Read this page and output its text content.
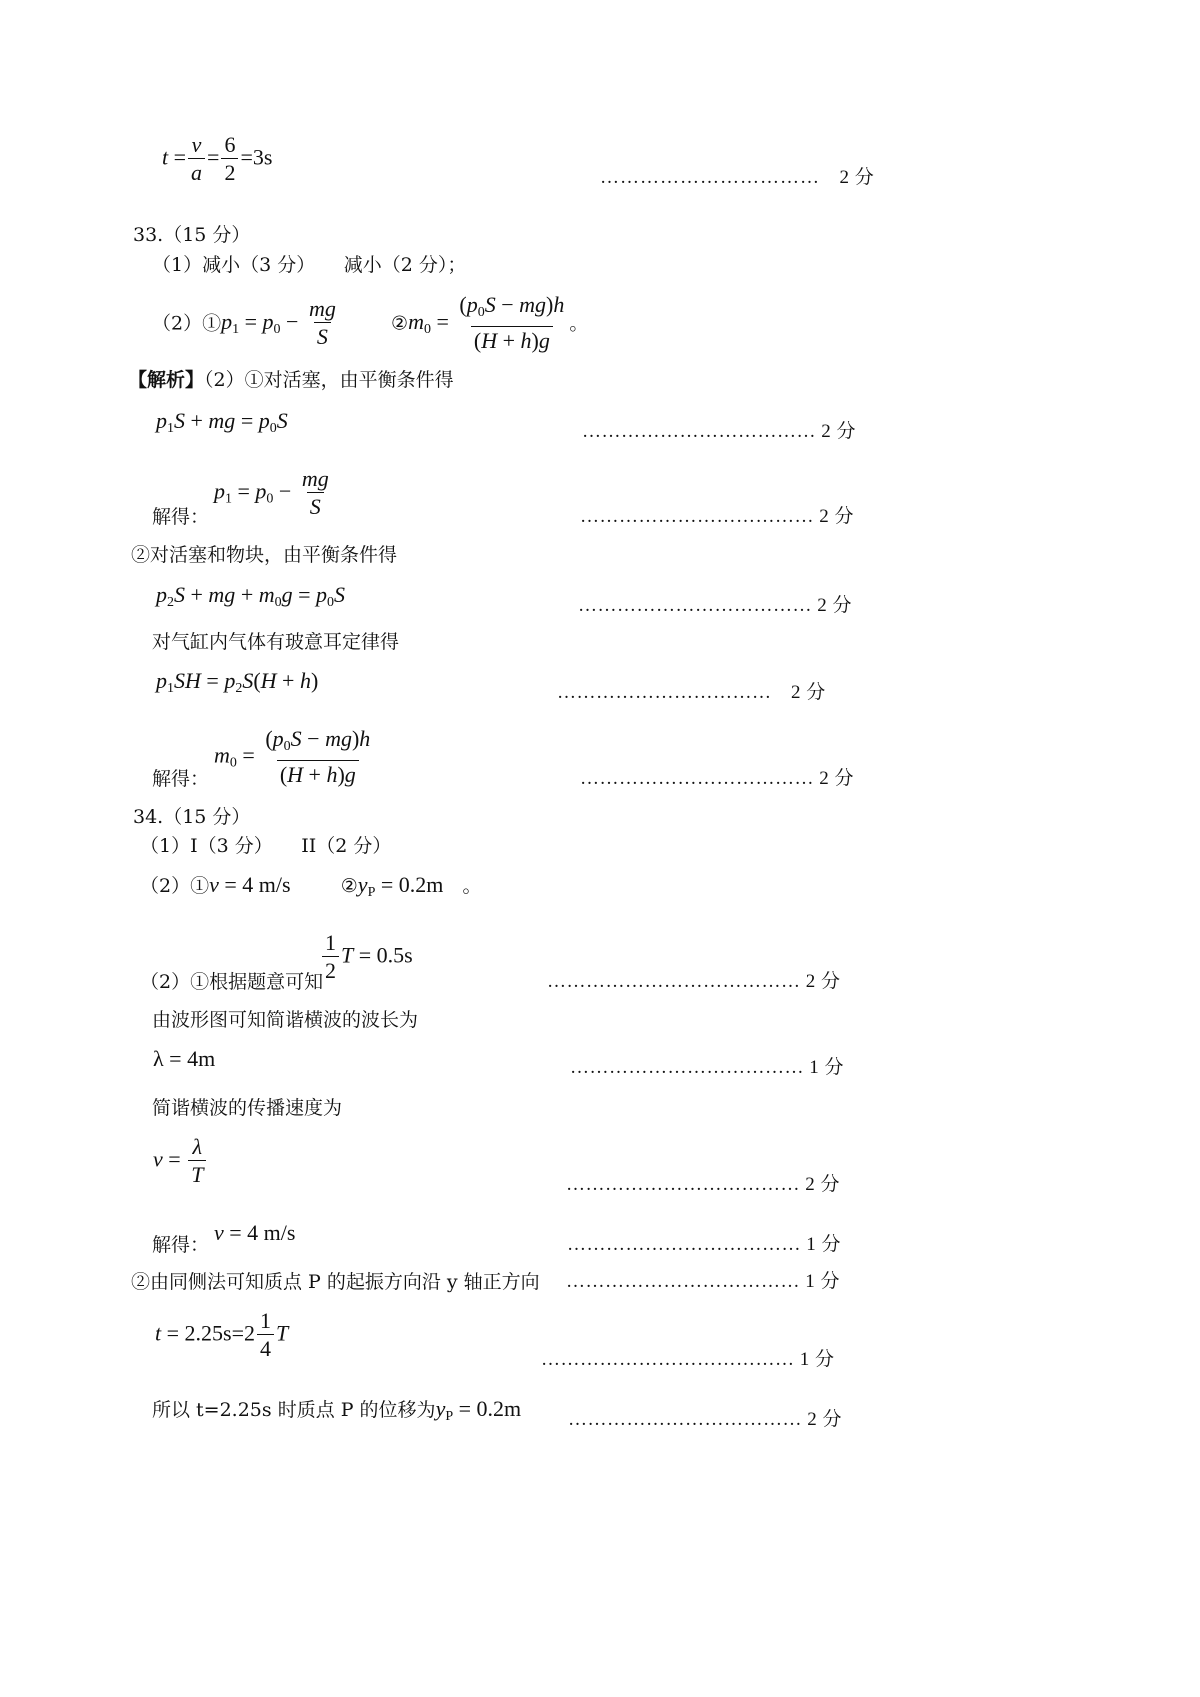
$t = \frac{v}{a} = \frac{6}{2} =3s$
……………………………　 2 分
33.（15 分）
（1）减小（3 分）　　减小（2 分）；
$(2)①p_1 = p_0 - \frac{mg}{S}$	$②m_0 = \frac{(p_0S - mg)h}{(H + h)g}$ 。
【解析】（2）①对活塞，由平衡条件得
$p_1S$ + mg = $p_0S$	……………………………… 2 分
$p_1 = p_0 - \frac{mg}{S}$
解得：	……………………………… 2 分
②对活塞和物块，由平衡条件得
$p_2S$ + mg + $m_0g = p_0S$	……………………………… 2 分
对气缸内气体有玻意耳定律得
$p_1SH = p_2S(H + h)$	……………………………　2 分
$m_0 = \frac{(p_0S - mg)h}{(H + h)g}$
解得：	……………………………… 2 分
34.（15 分）
（1）I（3 分）　　II（2 分）
（2）①v = 4 m/s	$②y_P = 0.2m$ 。
$\frac{1}{2}$ T = 0.5s
（2）①根据题意可知	………………………………… 2 分
由波形图可知简谐横波的波长为
λ = 4m	……………………………… 1 分
简谐横波的传播速度为
$v = \frac{\lambda}{T}$	……………………………… 2 分
v = 4 m/s
解得：	……………………………… 1 分
②由同侧法可知质点 P 的起振方向沿 y 轴正方向 ……………………………… 1 分
$t = 2.25s=2 \frac{1}{4}$ T
………………………………… 1 分
所以 t=2.25s 时质点 P 的位移为$y_P = 0.2m$ ……………………………… 2 分
